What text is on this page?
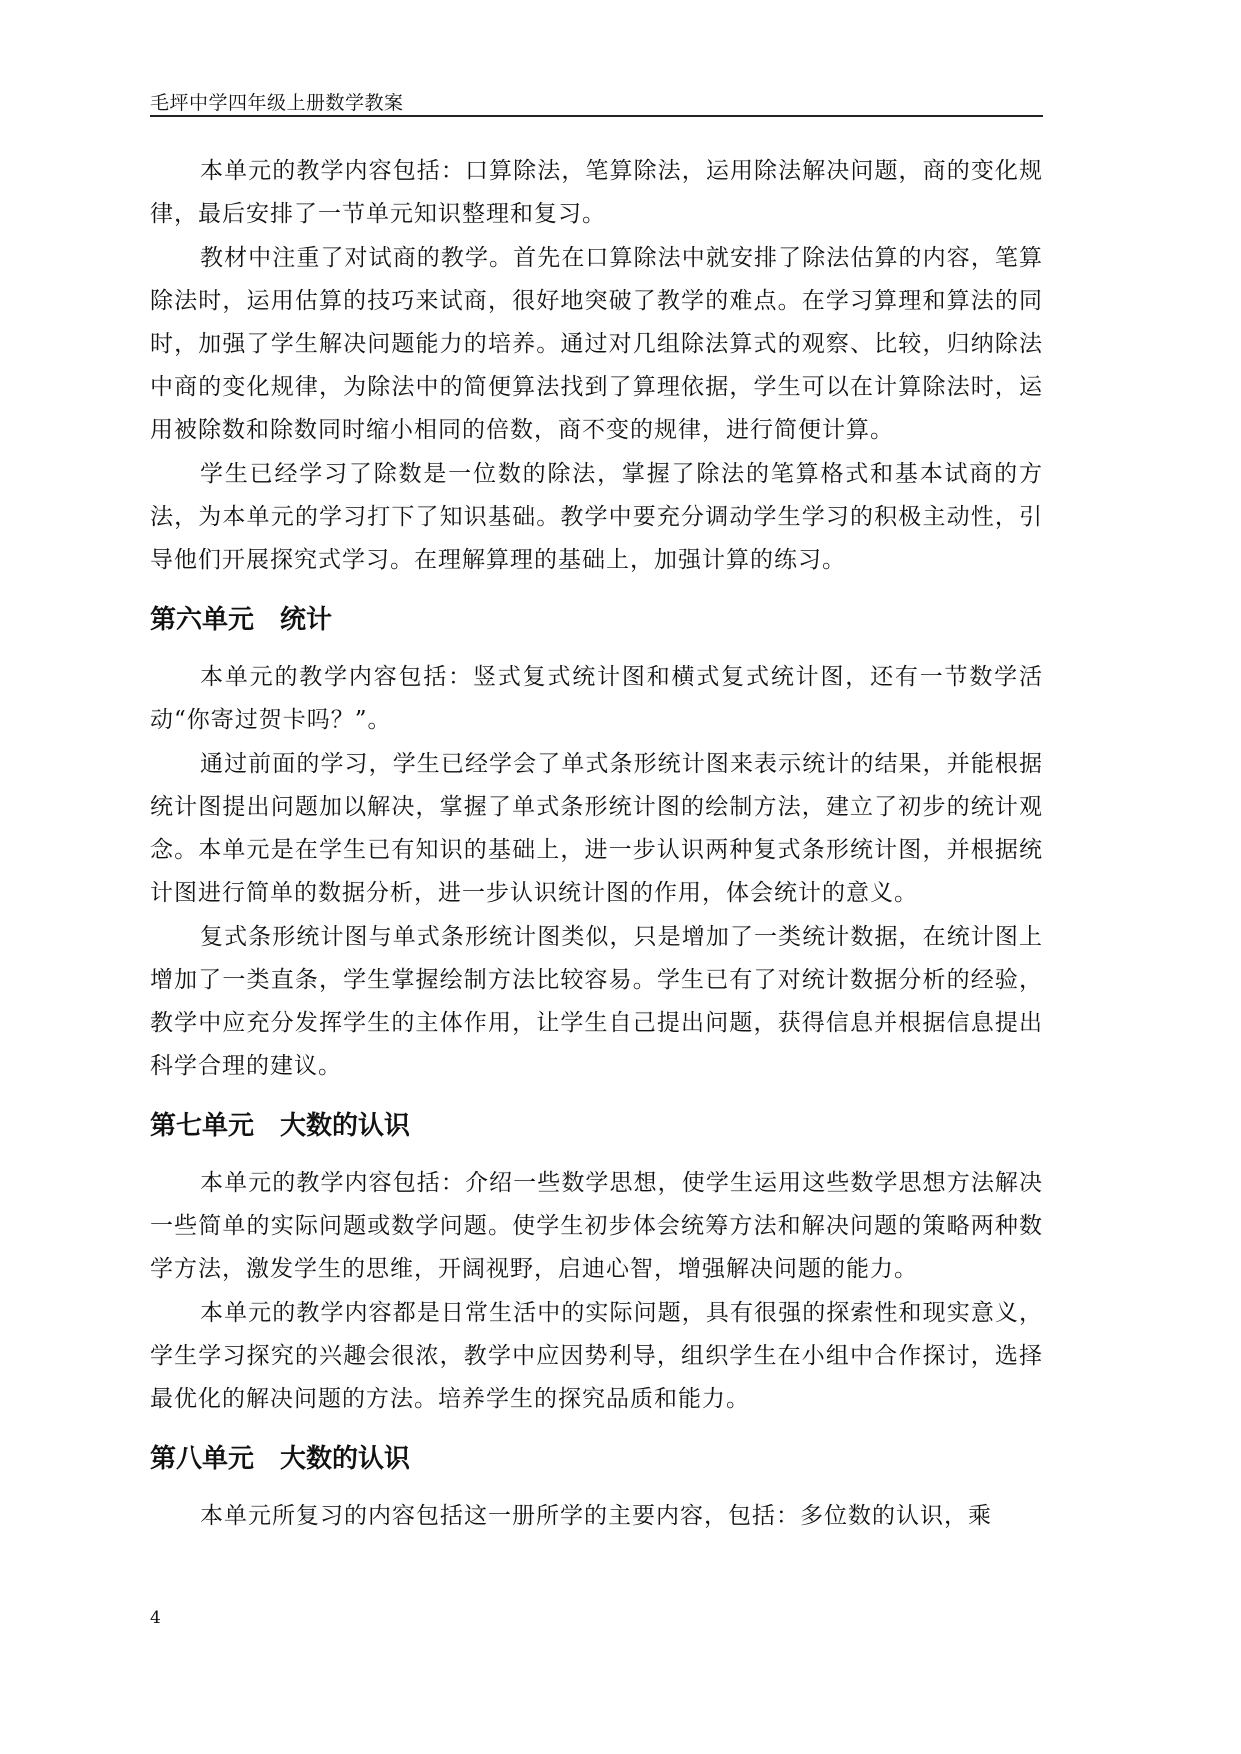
毛坪中学四年级上册数学教案

本单元的教学内容包括：口算除法，笔算除法，运用除法解决问题，商的变化规律，最后安排了一节单元知识整理和复习。

教材中注重了对试商的教学。首先在口算除法中就安排了除法估算的内容，笔算除法时，运用估算的技巧来试商，很好地突破了教学的难点。在学习算理和算法的同时，加强了学生解决问题能力的培养。通过对几组除法算式的观察、比较，归纳除法中商的变化规律，为除法中的简便算法找到了算理依据，学生可以在计算除法时，运用被除数和除数同时缩小相同的倍数，商不变的规律，进行简便计算。

学生已经学习了除数是一位数的除法，掌握了除法的笔算格式和基本试商的方法，为本单元的学习打下了知识基础。教学中要充分调动学生学习的积极主动性，引导他们开展探究式学习。在理解算理的基础上，加强计算的练习。

第六单元　统计

本单元的教学内容包括：竖式复式统计图和横式复式统计图，还有一节数学活动“你寄过贺卡吗？”。

通过前面的学习，学生已经学会了单式条形统计图来表示统计的结果，并能根据统计图提出问题加以解决，掌握了单式条形统计图的绘制方法，建立了初步的统计观念。本单元是在学生已有知识的基础上，进一步认识两种复式条形统计图，并根据统计图进行简单的数据分析，进一步认识统计图的作用，体会统计的意义。

复式条形统计图与单式条形统计图类似，只是增加了一类统计数据，在统计图上增加了一类直条，学生掌握绘制方法比较容易。学生已有了对统计数据分析的经验，教学中应充分发挥学生的主体作用，让学生自己提出问题，获得信息并根据信息提出科学合理的建议。

第七单元　大数的认识

本单元的教学内容包括：介绍一些数学思想，使学生运用这些数学思想方法解决一些简单的实际问题或数学问题。使学生初步体会统筹方法和解决问题的策略两种数学方法，激发学生的思维，开阔视野，启迪心智，增强解决问题的能力。

本单元的教学内容都是日常生活中的实际问题，具有很强的探索性和现实意义，学生学习探究的兴趣会很浓，教学中应因势利导，组织学生在小组中合作探讨，选择最优化的解决问题的方法。培养学生的探究品质和能力。

第八单元　大数的认识

本单元所复习的内容包括这一册所学的主要内容，包括：多位数的认识，乘

4
